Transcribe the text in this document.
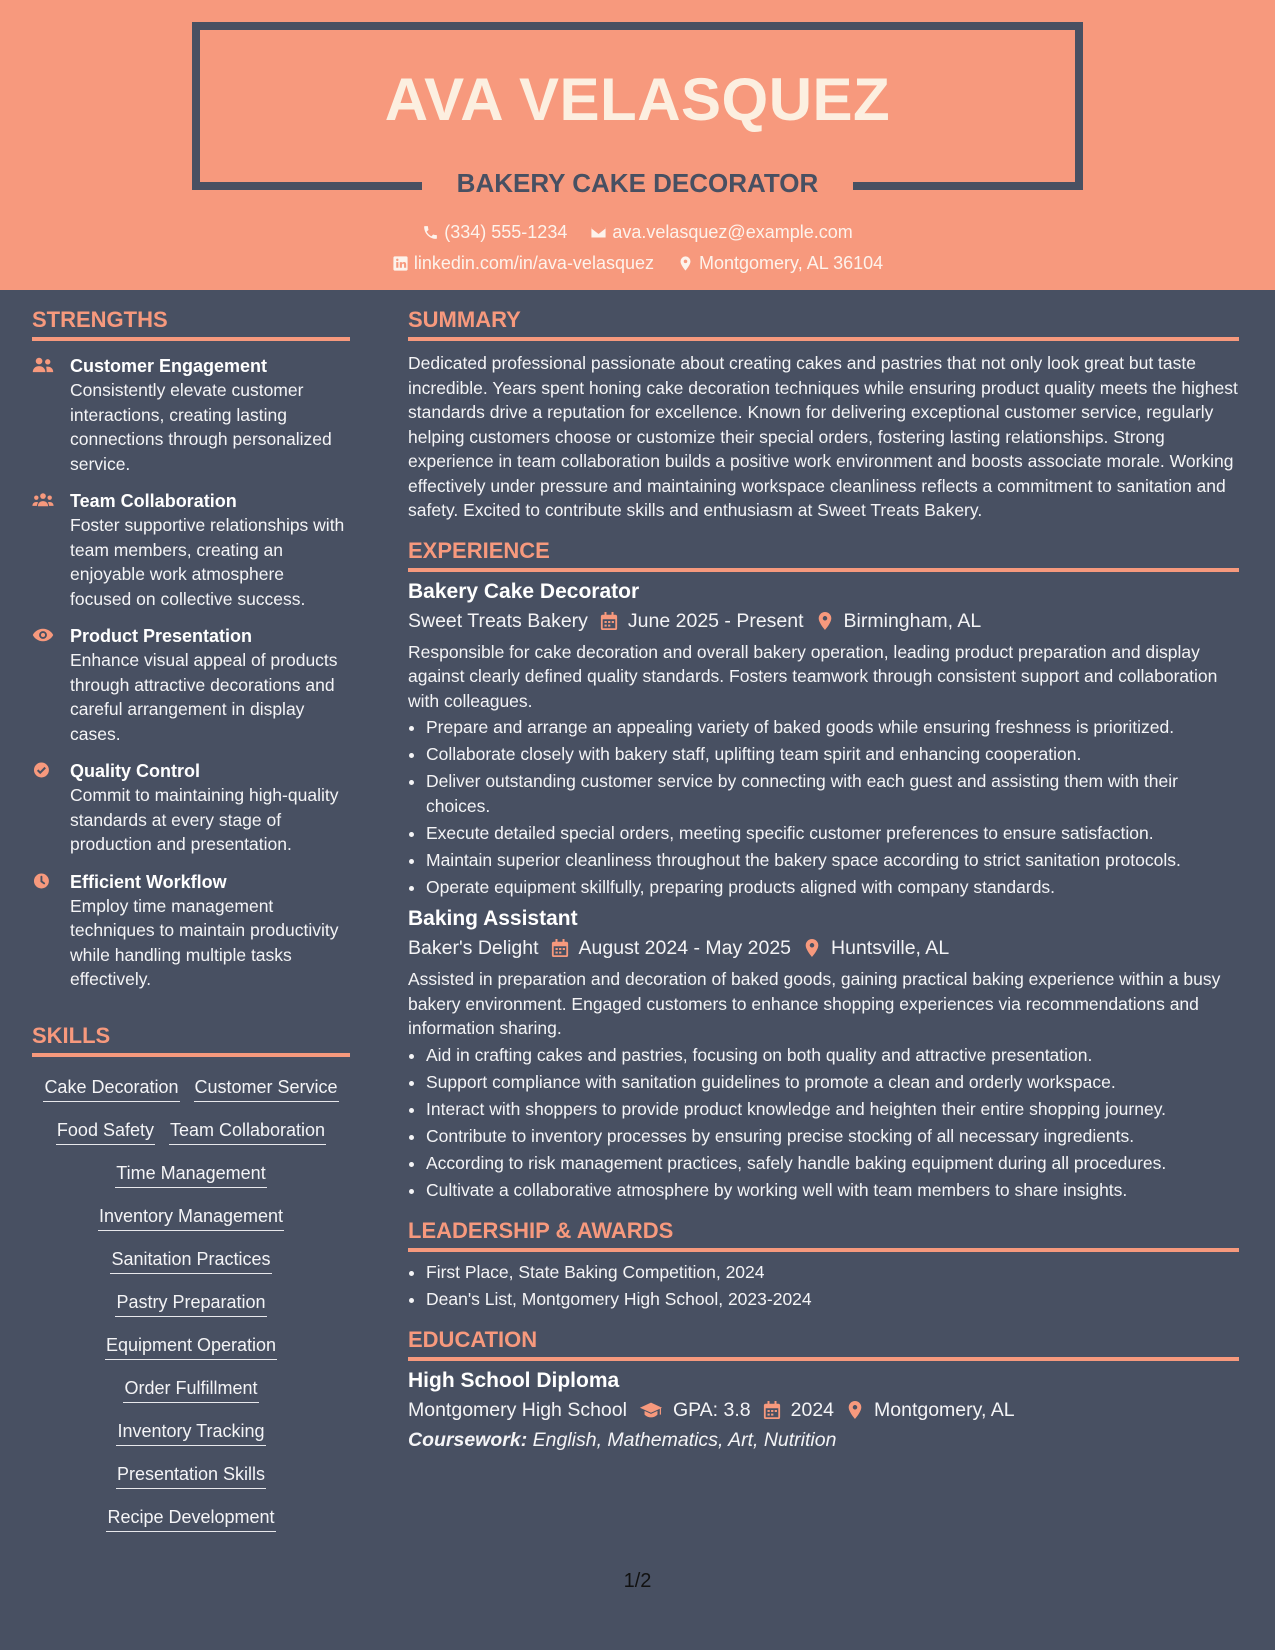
AVA VELASQUEZ
BAKERY CAKE DECORATOR
(334) 555-1234
	ava.velasquez@example.com
linkedin.com/in/ava-velasquez
	Montgomery, AL 36104
STRENGTHS
Customer Engagement
Consistently elevate customer interactions, creating lasting connections through personalized service.
Team Collaboration
Foster supportive relationships with team members, creating an enjoyable work atmosphere focused on collective success.
Product Presentation
Enhance visual appeal of products through attractive decorations and careful arrangement in display cases.
Quality Control
Commit to maintaining high-quality standards at every stage of production and presentation.
Efficient Workflow
Employ time management techniques to maintain productivity while handling multiple tasks effectively.
SKILLS
Cake Decoration Customer Service
Food Safety Team Collaboration
Time Management
Inventory Management
Sanitation Practices
Pastry Preparation
Equipment Operation
Order Fulfillment
Inventory Tracking
Presentation Skills
Recipe Development
SUMMARY
Dedicated professional passionate about creating cakes and pastries that not only look great but taste incredible. Years spent honing cake decoration techniques while ensuring product quality meets the highest standards drive a reputation for excellence. Known for delivering exceptional customer service, regularly helping customers choose or customize their special orders, fostering lasting relationships. Strong experience in team collaboration builds a positive work environment and boosts associate morale. Working effectively under pressure and maintaining workspace cleanliness reflects a commitment to sanitation and safety. Excited to contribute skills and enthusiasm at Sweet Treats Bakery.
EXPERIENCE
Bakery Cake Decorator
Sweet Treats Bakery June 2025 - Present Birmingham, AL
Responsible for cake decoration and overall bakery operation, leading product preparation and display against clearly defined quality standards. Fosters teamwork through consistent support and collaboration with colleagues.
• Prepare and arrange an appealing variety of baked goods while ensuring freshness is prioritized.
• Collaborate closely with bakery staff, uplifting team spirit and enhancing cooperation.
• Deliver outstanding customer service by connecting with each guest and assisting them with their choices.
• Execute detailed special orders, meeting specific customer preferences to ensure satisfaction.
• Maintain superior cleanliness throughout the bakery space according to strict sanitation protocols.
• Operate equipment skillfully, preparing products aligned with company standards.
Baking Assistant
Baker's Delight August 2024 - May 2025 Huntsville, AL
Assisted in preparation and decoration of baked goods, gaining practical baking experience within a busy bakery environment. Engaged customers to enhance shopping experiences via recommendations and information sharing.
• Aid in crafting cakes and pastries, focusing on both quality and attractive presentation.
• Support compliance with sanitation guidelines to promote a clean and orderly workspace.
• Interact with shoppers to provide product knowledge and heighten their entire shopping journey.
• Contribute to inventory processes by ensuring precise stocking of all necessary ingredients.
• According to risk management practices, safely handle baking equipment during all procedures.
• Cultivate a collaborative atmosphere by working well with team members to share insights.
LEADERSHIP & AWARDS
• First Place, State Baking Competition, 2024
• Dean's List, Montgomery High School, 2023-2024
EDUCATION
High School Diploma
Montgomery High School GPA: 3.8 2024 Montgomery, AL
Coursework: English, Mathematics, Art, Nutrition
1/2
